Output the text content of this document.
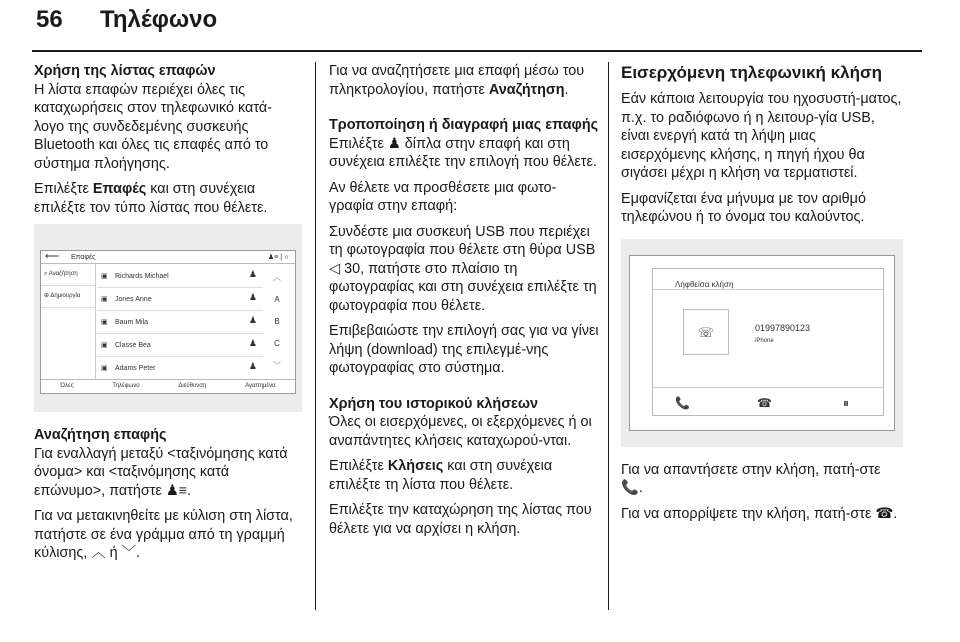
56	Τηλέφωνο
Χρήση της λίστας επαφών

Η λίστα επαφών περιέχει όλες τις καταχωρήσεις στον τηλεφωνικό κατά-λογο της συνδεδεμένης συσκευής Bluetooth και όλες τις επαφές από το σύστημα πλοήγησης.

Επιλέξτε Επαφές και στη συνέχεια επιλέξτε τον τύπο λίστας που θέλετε.

⟵ Επαφές	♟≡ | ∩
⌕ Αναζήτηση
⊕ Δημιουργία
▣ Richards Michael	♟
▣ Jones Anne	♟
▣ Baum Mila	♟
▣ Classe Bea	♟
▣ Adams Peter	♟
︿
A
B
C
﹀
Όλες	Τηλέφωνο	Διεύθυνση	Αγαπημένα
Αναζήτηση επαφής

Για εναλλαγή μεταξύ <ταξινόμησης κατά όνομα> και <ταξινόμησης κατά επώνυμο>, πατήστε ♟≡.

Για να μετακινηθείτε με κύλιση στη λίστα, πατήστε σε ένα γράμμα από τη γραμμή κύλισης, ︿ ή ﹀.

Για να αναζητήσετε μια επαφή μέσω του πληκτρολογίου, πατήστε Αναζήτηση.

Τροποποίηση ή διαγραφή μιας επαφής

Επιλέξτε ♟ δίπλα στην επαφή και στη συνέχεια επιλέξτε την επιλογή που θέλετε.

Αν θέλετε να προσθέσετε μια φωτο-γραφία στην επαφή:

Συνδέστε μια συσκευή USB που περιέχει τη φωτογραφία που θέλετε στη θύρα USB ◁ 30, πατήστε στο πλαίσιο τη φωτογραφίας και στη συνέχεια επιλέξτε τη φωτογραφία που θέλετε.

Επιβεβαιώστε την επιλογή σας για να γίνει λήψη (download) της επιλεγμέ-νης φωτογραφίας στο σύστημα.

Χρήση του ιστορικού κλήσεων

Όλες οι εισερχόμενες, οι εξερχόμενες ή οι αναπάντητες κλήσεις καταχωρού-νται.

Επιλέξτε Κλήσεις και στη συνέχεια επιλέξτε τη λίστα που θέλετε.

Επιλέξτε την καταχώρηση της λίστας που θέλετε για να αρχίσει η κλήση.

Εισερχόμενη τηλεφωνική κλήση

Εάν κάποια λειτουργία του ηχοσυστή-ματος, π.χ. το ραδιόφωνο ή η λειτουρ-γία USB, είναι ενεργή κατά τη λήψη μιας εισερχόμενης κλήσης, η πηγή ήχου θα σιγάσει μέχρι η κλήση να τερματιστεί.

Εμφανίζεται ένα μήνυμα με τον αριθμό τηλεφώνου ή το όνομα του καλούντος.

Ληφθείσα κλήση
☏	01997890123
iPhone
📞	☎	⏸

Για να απαντήσετε στην κλήση, πατή-στε 📞.

Για να απορρίψετε την κλήση, πατή-στε ☎.
